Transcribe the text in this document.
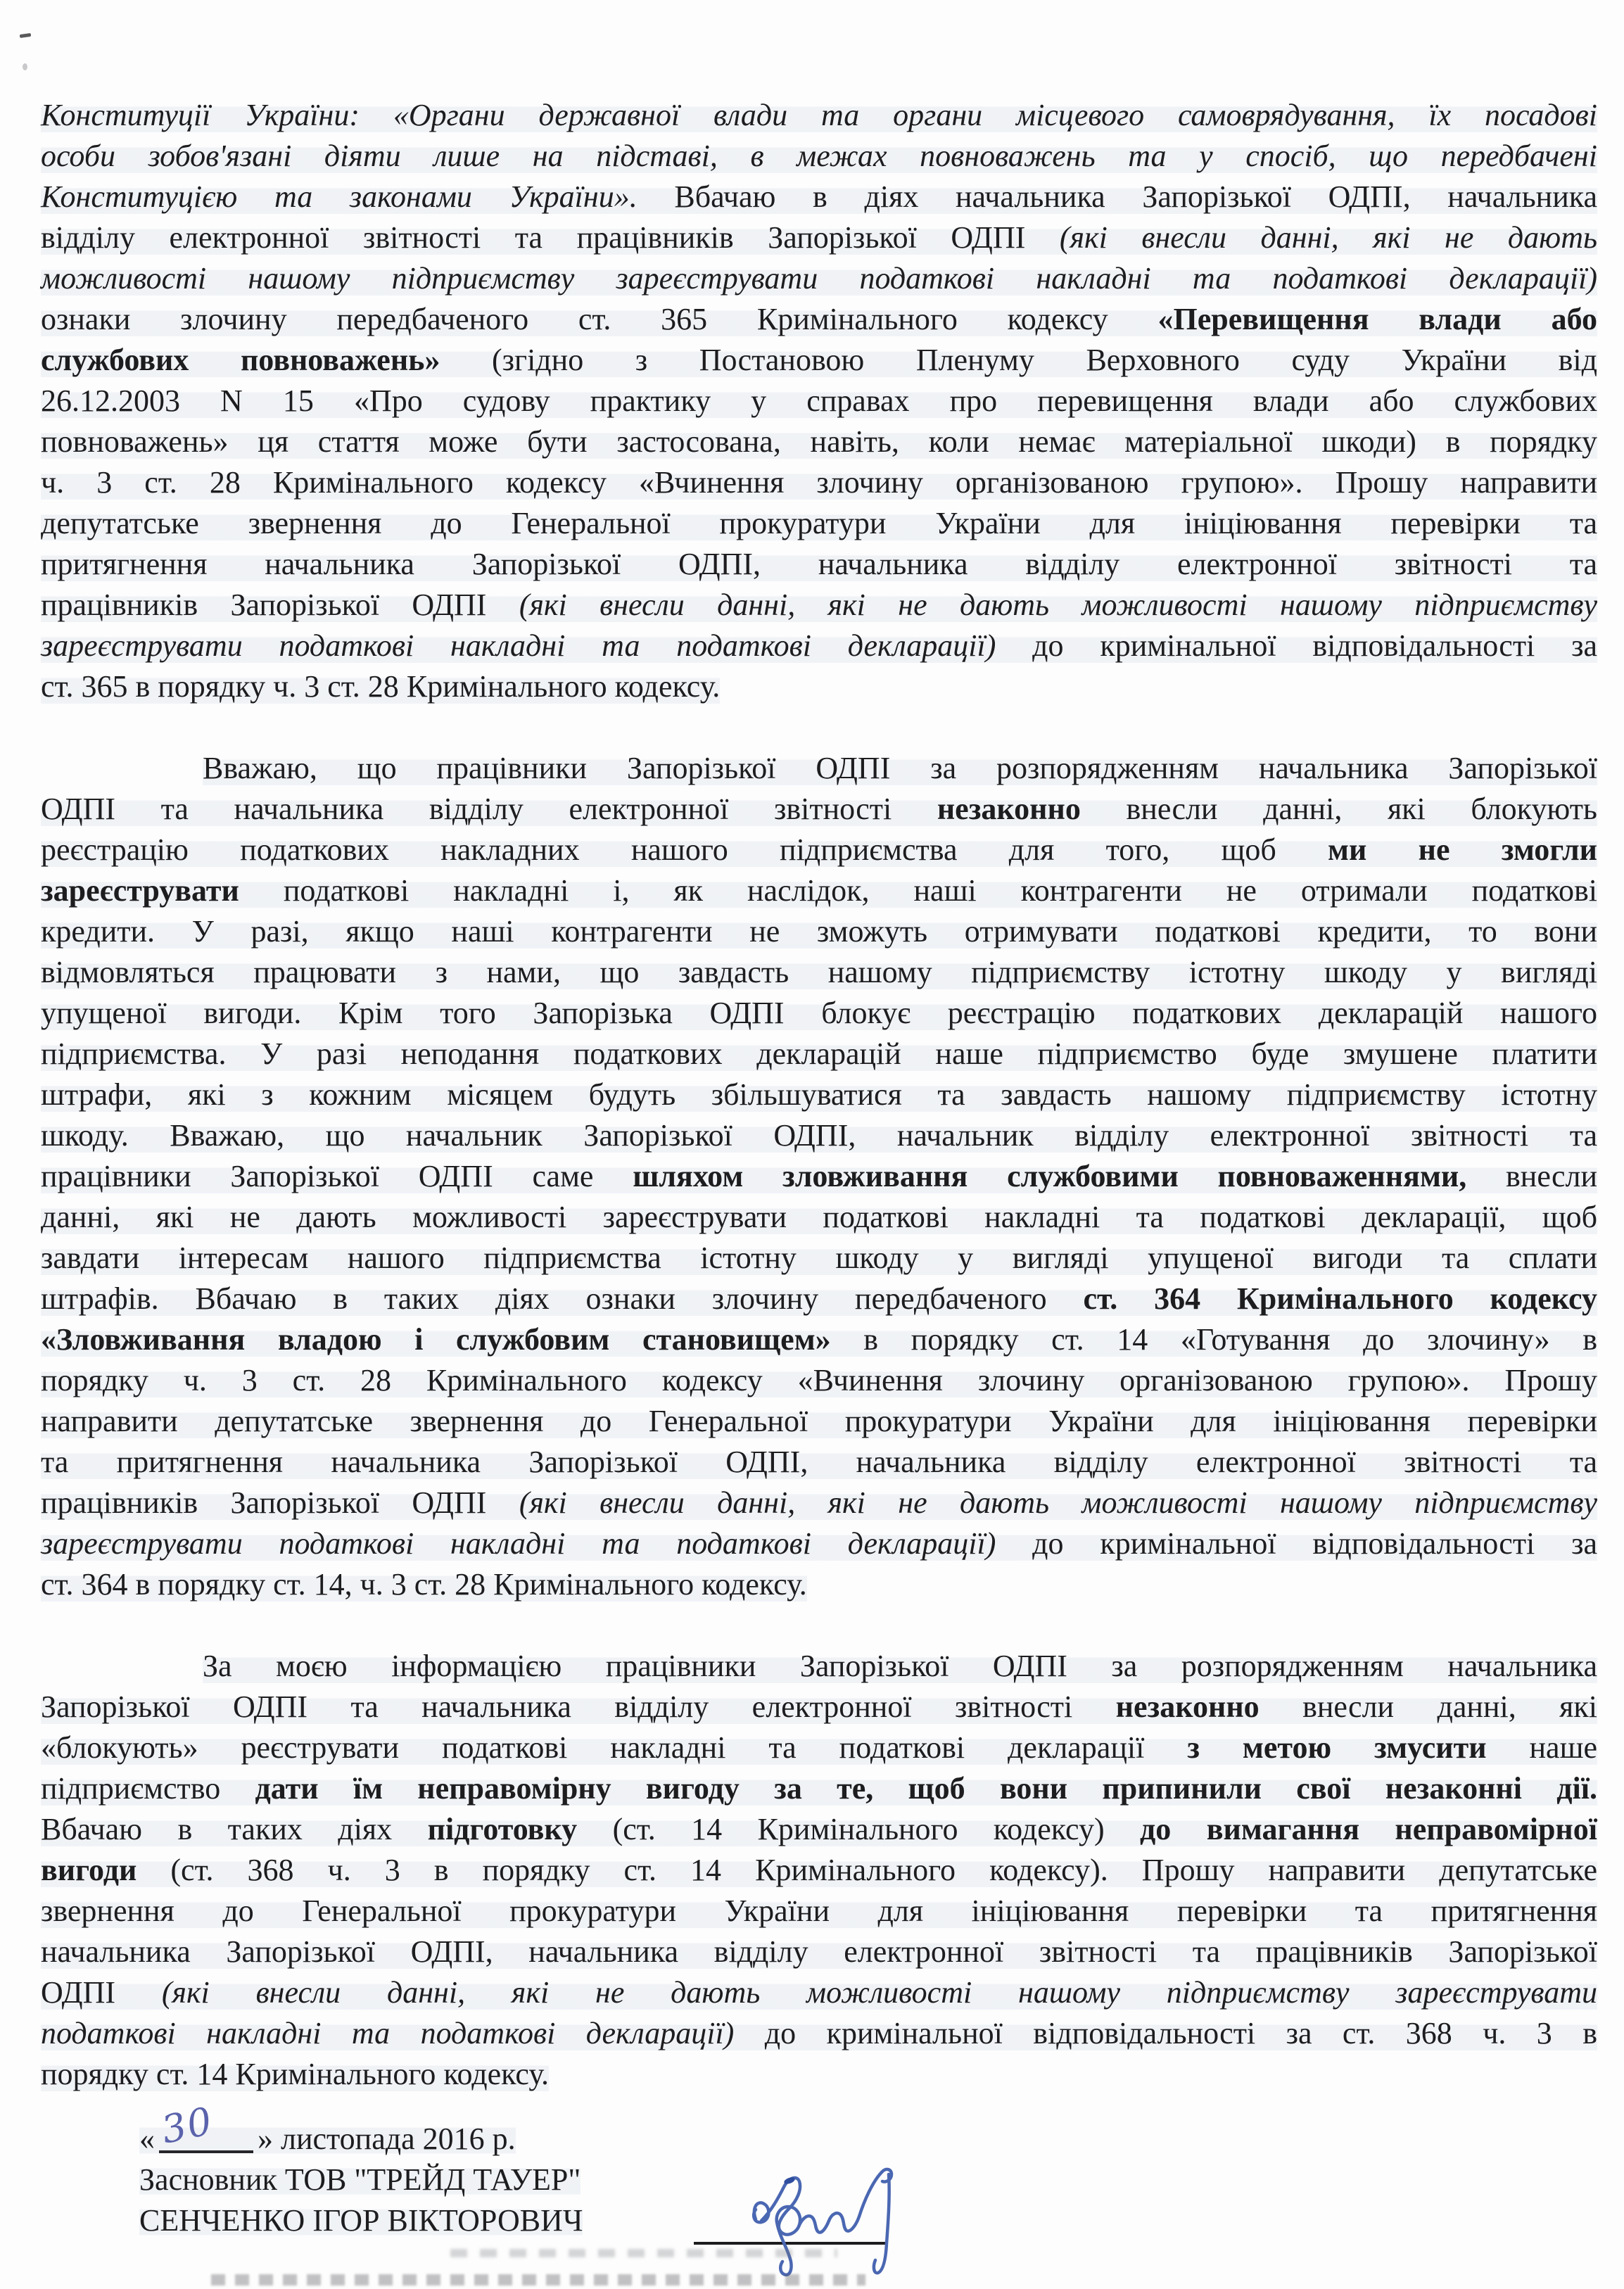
Конституції України: «Органи державної влади та органи місцевого самоврядування, їх посадові
особи зобов'язані діяти лише на підставі, в межах повноважень та у спосіб, що передбачені
Конституцією та законами України». Вбачаю в діях начальника Запорізької ОДПІ, начальника
відділу електронної звітності та працівників Запорізької ОДПІ (які внесли данні, які не дають
можливості нашому підприємству зареєструвати податкові накладні та податкові декларації)
ознаки злочину передбаченого ст. 365 Кримінального кодексу «Перевищення влади або
службових повноважень» (згідно з Постановою Пленуму Верховного суду України від
26.12.2003 N 15 «Про судову практику у справах про перевищення влади або службових
повноважень» ця стаття може бути застосована, навіть, коли немає матеріальної шкоди) в порядку
ч. 3 ст. 28 Кримінального кодексу «Вчинення злочину організованою групою». Прошу направити
депутатське звернення до Генеральної прокуратури України для ініціювання перевірки та
притягнення начальника Запорізької ОДПІ, начальника відділу електронної звітності та
працівників Запорізької ОДПІ (які внесли данні, які не дають можливості нашому підприємству
зареєструвати податкові накладні та податкові декларації) до кримінальної відповідальності за
ст. 365 в порядку ч. 3 ст. 28 Кримінального кодексу.
Вважаю, що працівники Запорізької ОДПІ за розпорядженням начальника Запорізької
ОДПІ та начальника відділу електронної звітності незаконно внесли данні, які блокують
реєстрацію податкових накладних нашого підприємства для того, щоб ми не змогли
зареєструвати податкові накладні і, як наслідок, наші контрагенти не отримали податкові
кредити. У разі, якщо наші контрагенти не зможуть отримувати податкові кредити, то вони
відмовляться працювати з нами, що завдасть нашому підприємству істотну шкоду у вигляді
упущеної вигоди. Крім того Запорізька ОДПІ блокує реєстрацію податкових декларацій нашого
підприємства. У разі неподання податкових декларацій наше підприємство буде змушене платити
штрафи, які з кожним місяцем будуть збільшуватися та завдасть нашому підприємству істотну
шкоду. Вважаю, що начальник Запорізької ОДПІ, начальник відділу електронної звітності та
працівники Запорізької ОДПІ саме шляхом зловживання службовими повноваженнями, внесли
данні, які не дають можливості зареєструвати податкові накладні та податкові декларації, щоб
завдати інтересам нашого підприємства істотну шкоду у вигляді упущеної вигоди та сплати
штрафів. Вбачаю в таких діях ознаки злочину передбаченого ст. 364 Кримінального кодексу
«Зловживання владою і службовим становищем» в порядку ст. 14 «Готування до злочину» в
порядку ч. 3 ст. 28 Кримінального кодексу «Вчинення злочину організованою групою». Прошу
направити депутатське звернення до Генеральної прокуратури України для ініціювання перевірки
та притягнення начальника Запорізької ОДПІ, начальника відділу електронної звітності та
працівників Запорізької ОДПІ (які внесли данні, які не дають можливості нашому підприємству
зареєструвати податкові накладні та податкові декларації) до кримінальної відповідальності за
ст. 364 в порядку ст. 14, ч. 3 ст. 28 Кримінального кодексу.
За моєю інформацією працівники Запорізької ОДПІ за розпорядженням начальника
Запорізької ОДПІ та начальника відділу електронної звітності незаконно внесли данні, які
«блокують» реєструвати податкові накладні та податкові декларації з метою змусити наше
підприємство дати їм неправомірну вигоду за те, щоб вони припинили свої незаконні дії.
Вбачаю в таких діях підготовку (ст. 14 Кримінального кодексу) до вимагання неправомірної
вигоди (ст. 368 ч. 3 в порядку ст. 14 Кримінального кодексу). Прошу направити депутатське
звернення до Генеральної прокуратури України для ініціювання перевірки та притягнення
начальника Запорізької ОДПІ, начальника відділу електронної звітності та працівників Запорізької
ОДПІ (які внесли данні, які не дають можливості нашому підприємству зареєструвати
податкові накладні та податкові декларації) до кримінальної відповідальності за ст. 368 ч. 3 в
порядку ст. 14 Кримінального кодексу.
« 30 » листопада 2016 р.
Засновник ТОВ "ТРЕЙД ТАУЕР"
СЕНЧЕНКО ІГОР ВІКТОРОВИЧ
